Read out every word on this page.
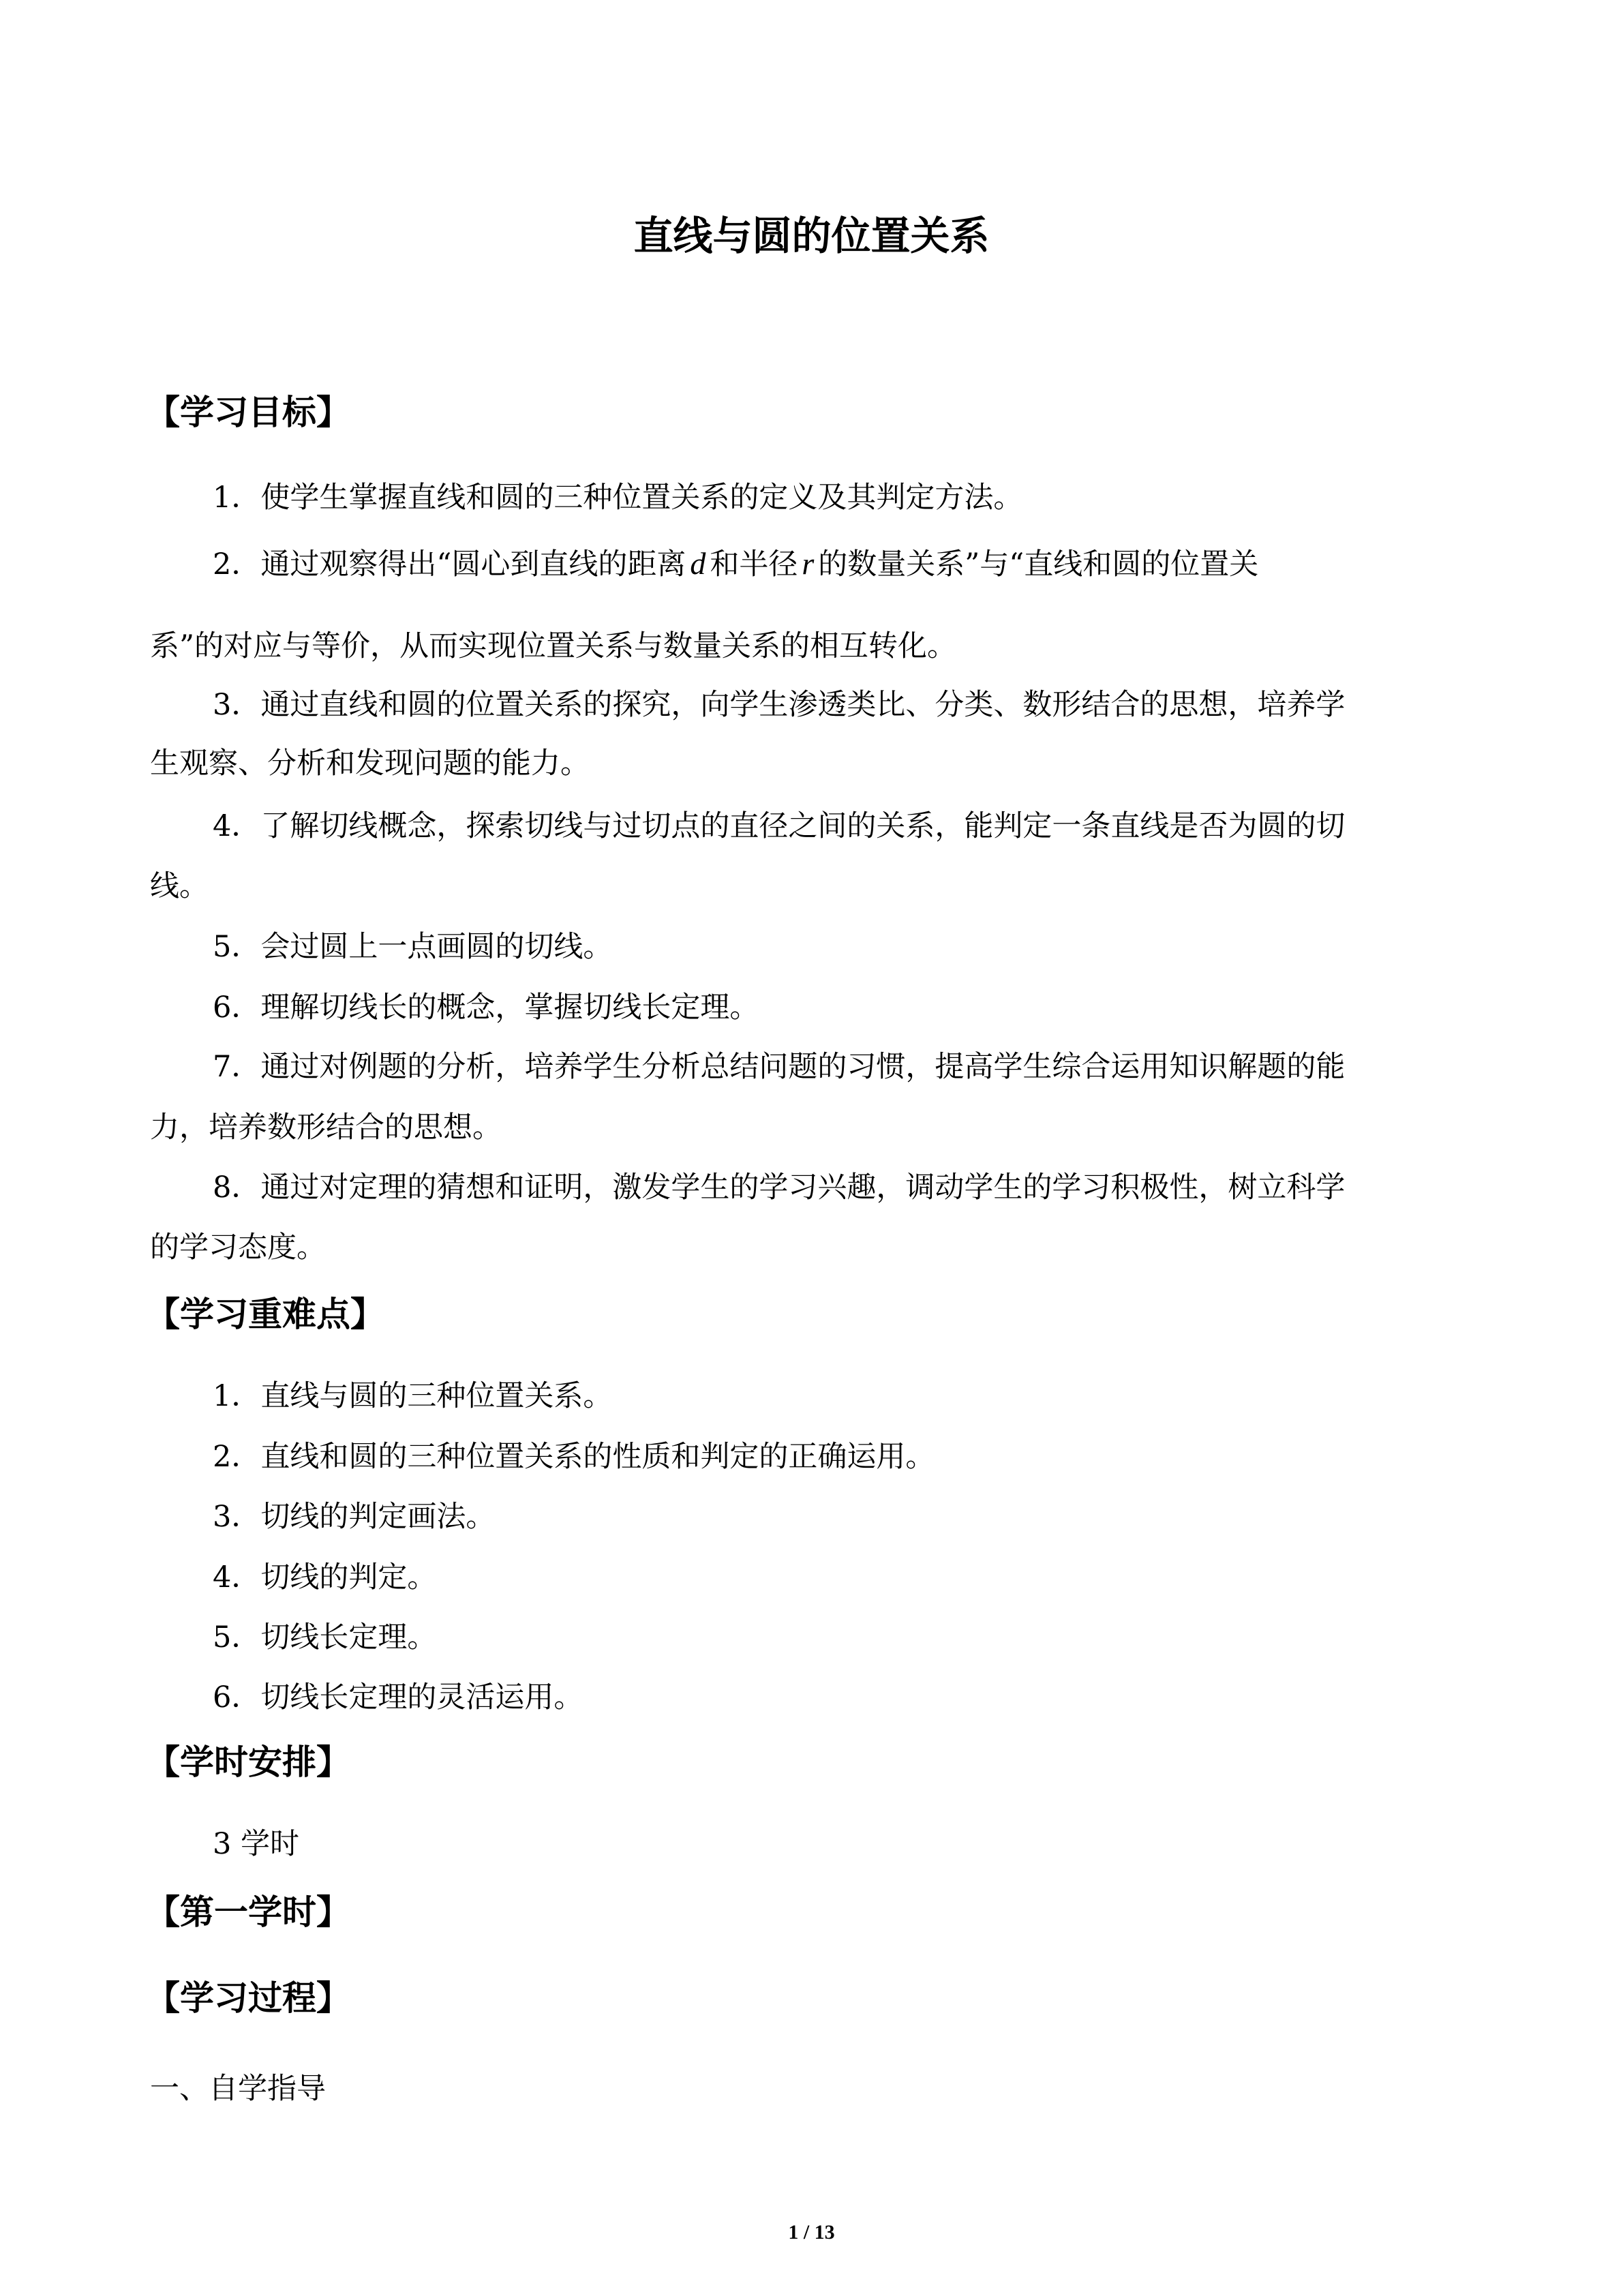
直线与圆的位置关系
【学习目标】
1．使学生掌握直线和圆的三种位置关系的定义及其判定方法。
2．通过观察得出“圆心到直线的距离 d 和半径 r 的数量关系”与“直线和圆的位置关
系”的对应与等价，从而实现位置关系与数量关系的相互转化。
3．通过直线和圆的位置关系的探究，向学生渗透类比、分类、数形结合的思想，培养学
生观察、分析和发现问题的能力。
4．了解切线概念，探索切线与过切点的直径之间的关系，能判定一条直线是否为圆的切
线。
5．会过圆上一点画圆的切线。
6．理解切线长的概念，掌握切线长定理。
7．通过对例题的分析，培养学生分析总结问题的习惯，提高学生综合运用知识解题的能
力，培养数形结合的思想。
8．通过对定理的猜想和证明，激发学生的学习兴趣，调动学生的学习积极性，树立科学
的学习态度。
【学习重难点】
1．直线与圆的三种位置关系。
2．直线和圆的三种位置关系的性质和判定的正确运用。
3．切线的判定画法。
4．切线的判定。
5．切线长定理。
6．切线长定理的灵活运用。
【学时安排】
3 学时
【第一学时】
【学习过程】
一、自学指导
1 / 13
